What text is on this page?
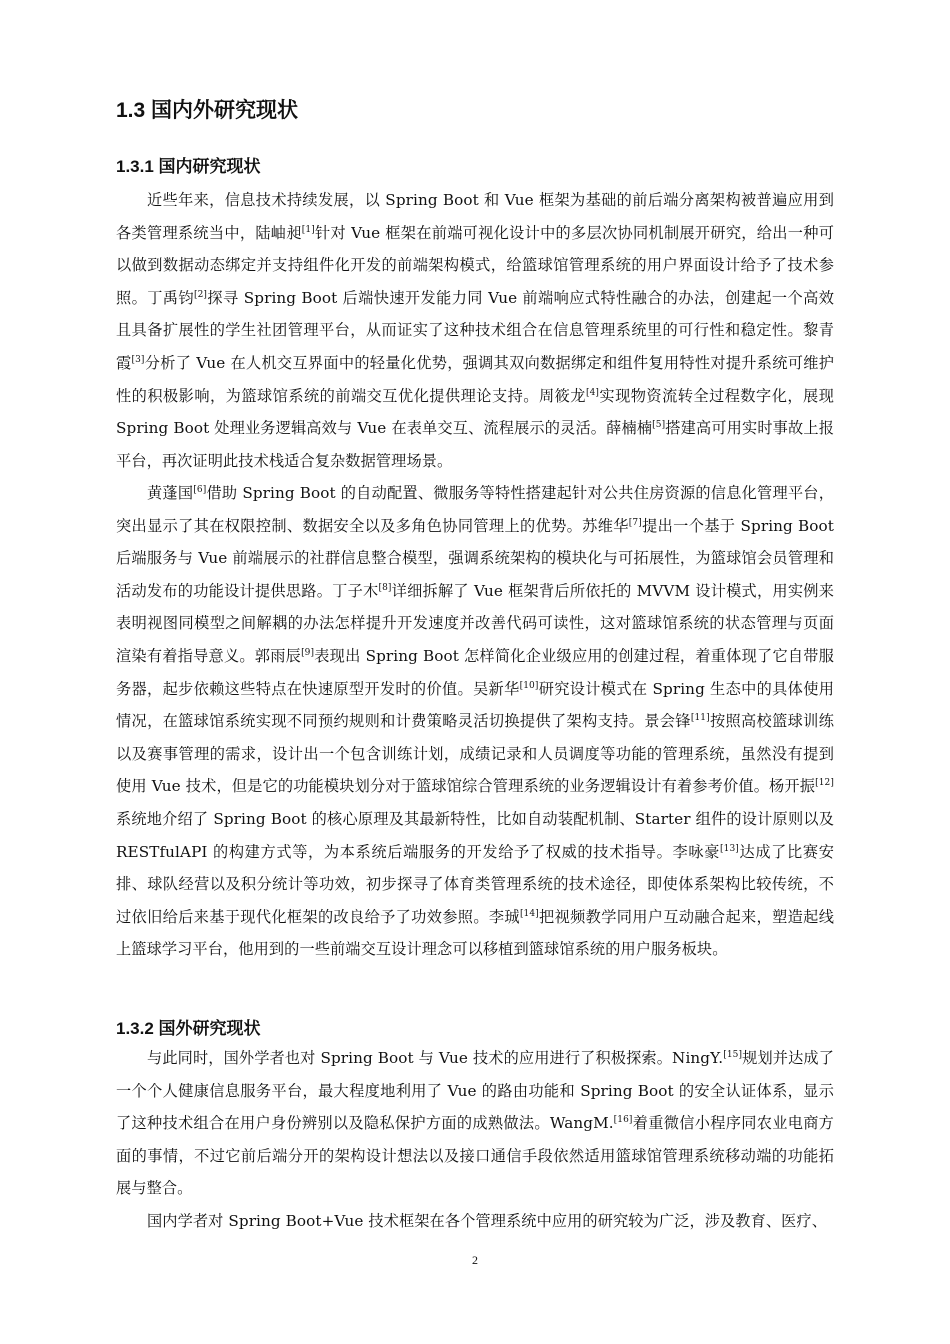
1.3 国内外研究现状
1.3.1 国内研究现状

近些年来，信息技术持续发展，以 Spring Boot 和 Vue 框架为基础的前后端分离架构被普遍应用到各类管理系统当中，陆岫昶[1]针对 Vue 框架在前端可视化设计中的多层次协同机制展开研究，给出一种可以做到数据动态绑定并支持组件化开发的前端架构模式，给篮球馆管理系统的用户界面设计给予了技术参照。丁禹钧[2]探寻 Spring Boot 后端快速开发能力同 Vue 前端响应式特性融合的办法，创建起一个高效且具备扩展性的学生社团管理平台，从而证实了这种技术组合在信息管理系统里的可行性和稳定性。黎青霞[3]分析了 Vue 在人机交互界面中的轻量化优势，强调其双向数据绑定和组件复用特性对提升系统可维护性的积极影响，为篮球馆系统的前端交互优化提供理论支持。周筱龙[4]实现物资流转全过程数字化，展现 Spring Boot 处理业务逻辑高效与 Vue 在表单交互、流程展示的灵活。薛楠楠[5]搭建高可用实时事故上报平台，再次证明此技术栈适合复杂数据管理场景。

黄蓬国[6]借助 Spring Boot 的自动配置、微服务等特性搭建起针对公共住房资源的信息化管理平台，突出显示了其在权限控制、数据安全以及多角色协同管理上的优势。苏维华[7]提出一个基于 Spring Boot 后端服务与 Vue 前端展示的社群信息整合模型，强调系统架构的模块化与可拓展性，为篮球馆会员管理和活动发布的功能设计提供思路。丁子木[8]详细拆解了 Vue 框架背后所依托的 MVVM 设计模式，用实例来表明视图同模型之间解耦的办法怎样提升开发速度并改善代码可读性，这对篮球馆系统的状态管理与页面渲染有着指导意义。郭雨辰[9]表现出 Spring Boot 怎样简化企业级应用的创建过程，着重体现了它自带服务器，起步依赖这些特点在快速原型开发时的价值。吴新华[10]研究设计模式在 Spring 生态中的具体使用情况，在篮球馆系统实现不同预约规则和计费策略灵活切换提供了架构支持。景会锋[11]按照高校篮球训练以及赛事管理的需求，设计出一个包含训练计划，成绩记录和人员调度等功能的管理系统，虽然没有提到使用 Vue 技术，但是它的功能模块划分对于篮球馆综合管理系统的业务逻辑设计有着参考价值。杨开振[12]系统地介绍了 Spring Boot 的核心原理及其最新特性，比如自动装配机制、Starter 组件的设计原则以及 RESTfulAPI 的构建方式等，为本系统后端服务的开发给予了权威的技术指导。李咏豪[13]达成了比赛安排、球队经营以及积分统计等功效，初步探寻了体育类管理系统的技术途径，即使体系架构比较传统，不过依旧给后来基于现代化框架的改良给予了功效参照。李珹[14]把视频教学同用户互动融合起来，塑造起线上篮球学习平台，他用到的一些前端交互设计理念可以移植到篮球馆系统的用户服务板块。

1.3.2 国外研究现状

与此同时，国外学者也对 Spring Boot 与 Vue 技术的应用进行了积极探索。NingY.[15]规划并达成了一个个人健康信息服务平台，最大程度地利用了 Vue 的路由功能和 Spring Boot 的安全认证体系，显示了这种技术组合在用户身份辨别以及隐私保护方面的成熟做法。WangM.[16]着重微信小程序同农业电商方面的事情，不过它前后端分开的架构设计想法以及接口通信手段依然适用篮球馆管理系统移动端的功能拓展与整合。

国内学者对 Spring Boot+Vue 技术框架在各个管理系统中应用的研究较为广泛，涉及教育、医疗、

2
